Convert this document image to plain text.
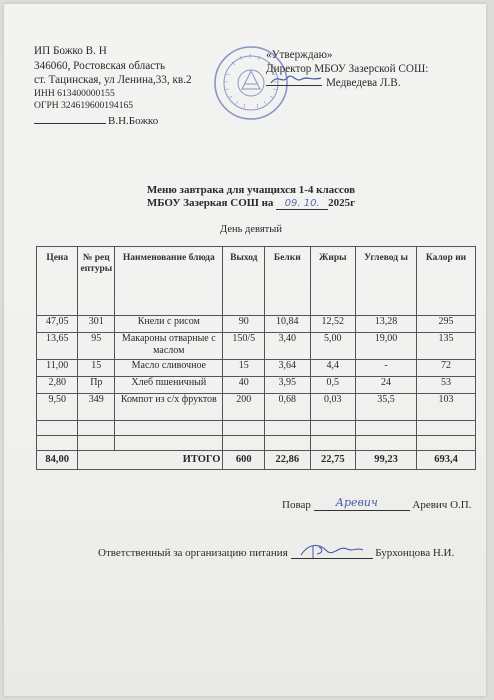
ИП Божко В. Н
346060, Ростовская область
ст. Тацинская, ул Ленина,33, кв.2
ИНН 613400000155
ОГРН 324619600194165
В.Н.Божко
«Утверждаю»
Директор МБОУ Зазерской СОШ:
Медведева Л.В.
Меню завтрака для учащихся 1-4 классов
МБОУ Зазеркая СОШ на 09. 10. 2025г
День девятый
Цена	№ рец ептуры	Наименование блюда	Выход	Белки	Жиры	Углевод ы	Калор ии
47,05	301	Кнели с рисом	90	10,84	12,52	13,28	295
13,65	95	Макароны отварные с маслом	150/5	3,40	5,00	19,00	135
11,00	15	Масло сливочное	15	3,64	4,4	-	72
2,80	Пр	Хлеб пшеничный	40	3,95	0,5	24	53
9,50	349	Компот из с/х фруктов	200	0,68	0,03	35,5	103

84,00	ИТОГО		600	22,86	22,75	99,23	693,4
Повар Аревич	Аревич О.П.
Ответственный за организацию питания	Бурхонцова Н.И.
